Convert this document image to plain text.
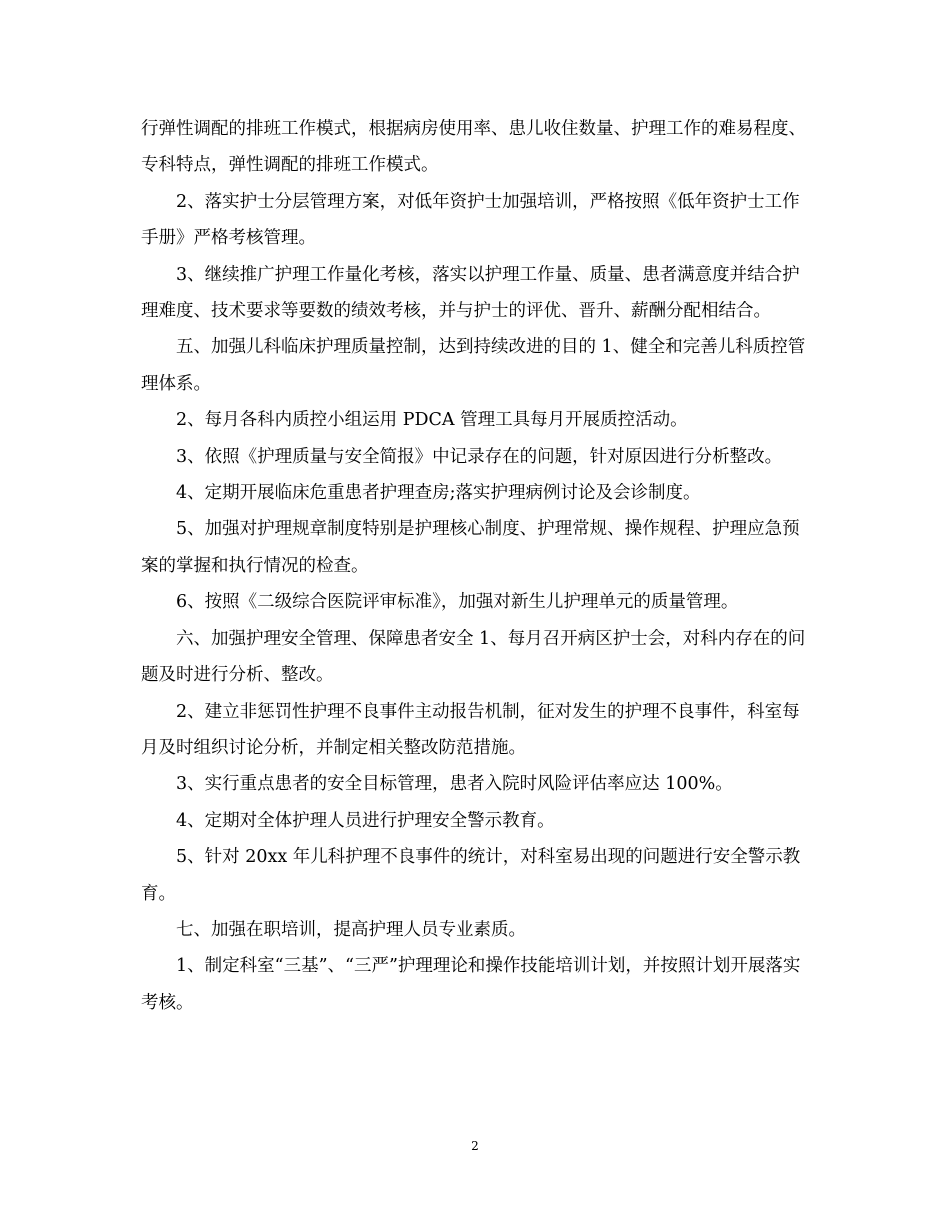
行弹性调配的排班工作模式，根据病房使用率、患儿收住数量、护理工作的难易程度、专科特点，弹性调配的排班工作模式。

2、落实护士分层管理方案，对低年资护士加强培训，严格按照《低年资护士工作手册》严格考核管理。

3、继续推广护理工作量化考核，落实以护理工作量、质量、患者满意度并结合护理难度、技术要求等要数的绩效考核，并与护士的评优、晋升、薪酬分配相结合。

五、加强儿科临床护理质量控制，达到持续改进的目的 1、健全和完善儿科质控管理体系。

2、每月各科内质控小组运用 PDCA 管理工具每月开展质控活动。

3、依照《护理质量与安全简报》中记录存在的问题，针对原因进行分析整改。

4、定期开展临床危重患者护理查房;落实护理病例讨论及会诊制度。

5、加强对护理规章制度特别是护理核心制度、护理常规、操作规程、护理应急预案的掌握和执行情况的检查。

6、按照《二级综合医院评审标准》，加强对新生儿护理单元的质量管理。

六、加强护理安全管理、保障患者安全 1、每月召开病区护士会，对科内存在的问题及时进行分析、整改。

2、建立非惩罚性护理不良事件主动报告机制，征对发生的护理不良事件，科室每月及时组织讨论分析，并制定相关整改防范措施。

3、实行重点患者的安全目标管理，患者入院时风险评估率应达 100%。

4、定期对全体护理人员进行护理安全警示教育。

5、针对 20xx 年儿科护理不良事件的统计，对科室易出现的问题进行安全警示教育。

七、加强在职培训，提高护理人员专业素质。

1、制定科室“三基”、“三严”护理理论和操作技能培训计划，并按照计划开展落实考核。

2
